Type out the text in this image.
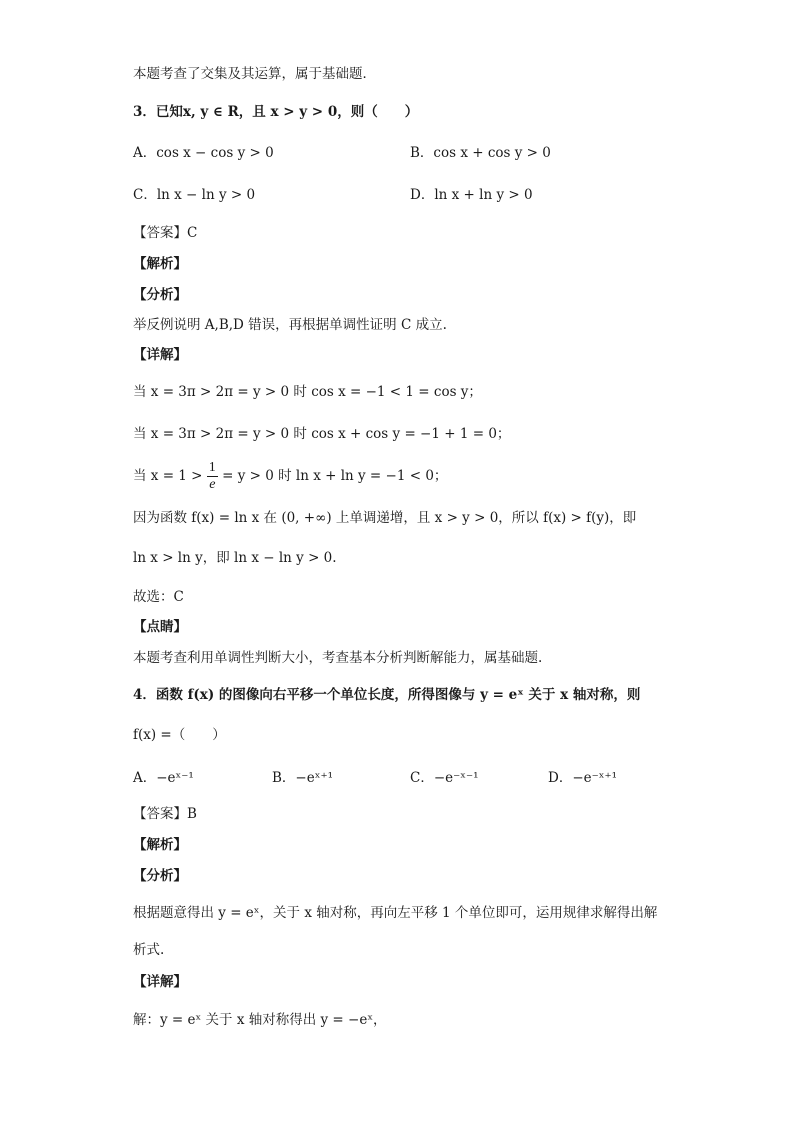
本题考查了交集及其运算，属于基础题．
3．已知x, y ∈ R，且 x > y > 0，则（　　）
A．cos x − cos y > 0	B．cos x + cos y > 0
C．ln x − ln y > 0	D．ln x + ln y > 0
【答案】C
【解析】
【分析】
举反例说明 A,B,D 错误，再根据单调性证明 C 成立.
【详解】
当 x = 3π > 2π = y > 0 时 cos x = −1 < 1 = cos y；
当 x = 3π > 2π = y > 0 时 cos x + cos y = −1 + 1 = 0；
当 $x = 1 > \frac{1}{e} = y > 0$ 时 ln x + ln y = −1 < 0；
因为函数 f(x) = ln x 在 (0, +∞) 上单调递增，且 x > y > 0，所以 f(x) > f(y)，即
ln x > ln y，即 ln x − ln y > 0.
故选：C
【点睛】
本题考查利用单调性判断大小，考查基本分析判断解能力，属基础题.
4．函数 f(x) 的图像向右平移一个单位长度，所得图像与 y = eˣ 关于 x 轴对称，则
f(x) =（　　）
A．−eˣ⁻¹	B．−eˣ⁺¹	C．−e⁻ˣ⁻¹	D．−e⁻ˣ⁺¹
【答案】B
【解析】
【分析】
根据题意得出 y = eˣ，关于 x 轴对称，再向左平移 1 个单位即可，运用规律求解得出解
析式.
【详解】
解：y = eˣ 关于 x 轴对称得出 y = −eˣ，
